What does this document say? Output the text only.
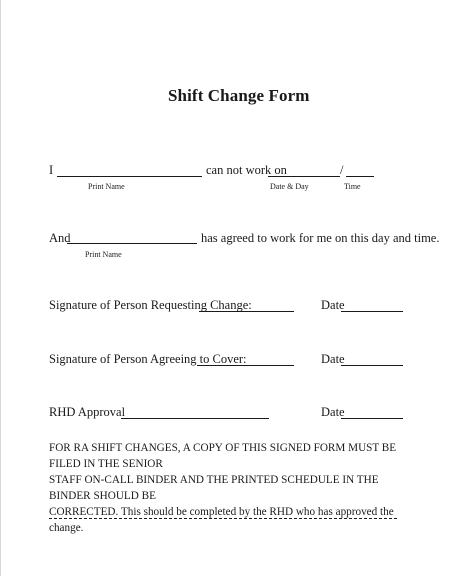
Shift Change Form
I	can not work on	/
Print Name	Date & Day	Time
And	has agreed to work for me on this day and time.
Print Name
Signature of Person Requesting Change:	Date
Signature of Person Agreeing to Cover:	Date
RHD Approval	Date
FOR RA SHIFT CHANGES, A COPY OF THIS SIGNED FORM MUST BE FILED IN THE SENIOR
STAFF ON-CALL BINDER AND THE PRINTED SCHEDULE IN THE BINDER SHOULD BE
CORRECTED. This should be completed by the RHD who has approved the change.
